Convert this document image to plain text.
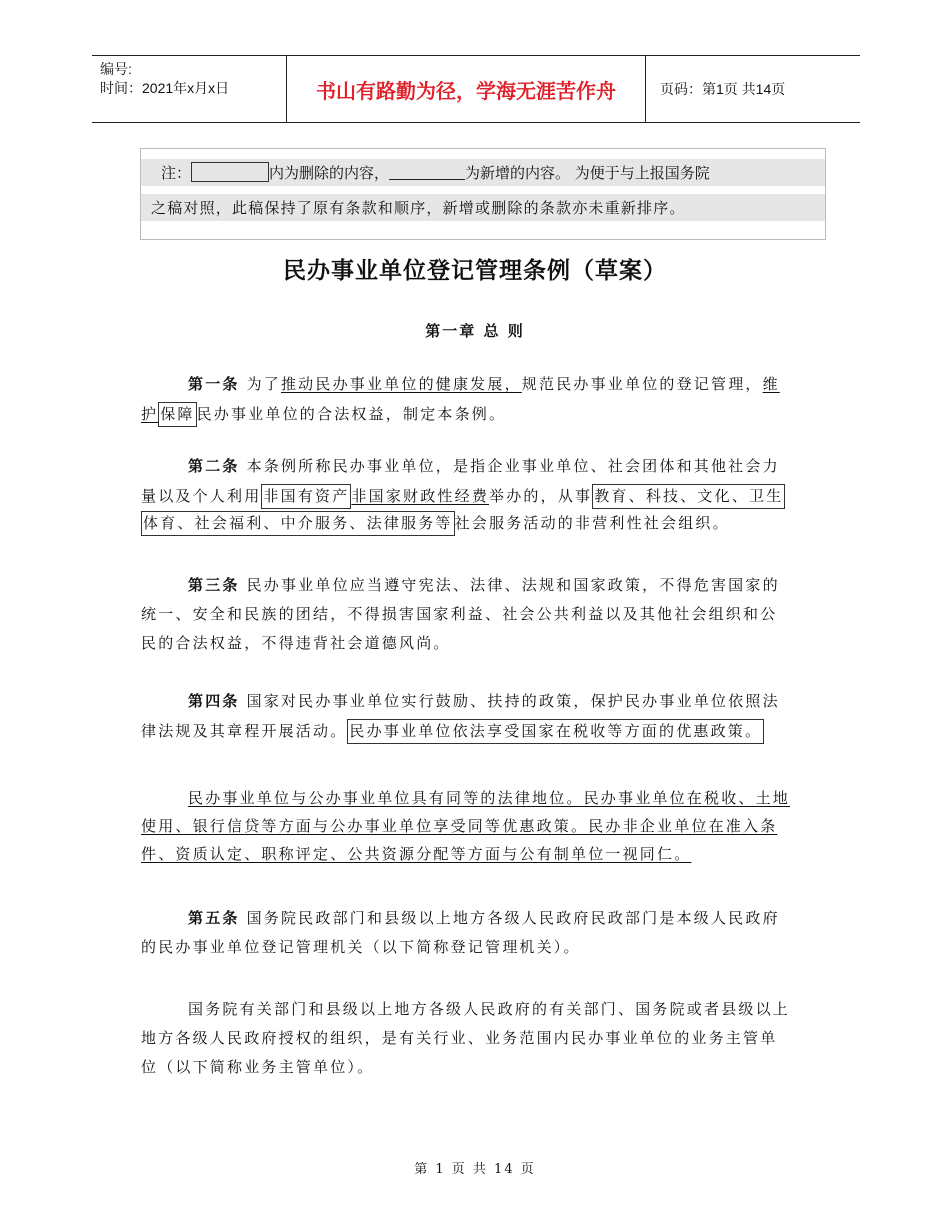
编号:
时间：2021年x月x日	书山有路勤为径，学海无涯苦作舟	页码：第1页 共14页
注：	内为删除的内容，	为新增的内容。 为便于与上报国务院
之稿对照，此稿保持了原有条款和顺序，新增或删除的条款亦未重新排序。
民办事业单位登记管理条例（草案）
第一章 总 则
第一条 为了推动民办事业单位的健康发展，规范民办事业单位的登记管理，维
护 保障 民办事业单位的合法权益，制定本条例。
第二条 本条例所称民办事业单位，是指企业事业单位、社会团体和其他社会力
量以及个人利用 非国有资产 非国家财政性经费举办的，从事 教育、科技、文化、卫生
体育、社会福利、中介服务、法律服务等 社会服务活动的非营利性社会组织。
第三条 民办事业单位应当遵守宪法、法律、法规和国家政策，不得危害国家的
统一、安全和民族的团结，不得损害国家利益、社会公共利益以及其他社会组织和公
民的合法权益，不得违背社会道德风尚。
第四条 国家对民办事业单位实行鼓励、扶持的政策，保护民办事业单位依照法
律法规及其章程开展活动。 民办事业单位依法享受国家在税收等方面的优惠政策。
民办事业单位与公办事业单位具有同等的法律地位。民办事业单位在税收、土地
使用、银行信贷等方面与公办事业单位享受同等优惠政策。民办非企业单位在准入条
件、资质认定、职称评定、公共资源分配等方面与公有制单位一视同仁。
第五条 国务院民政部门和县级以上地方各级人民政府民政部门是本级人民政府
的民办事业单位登记管理机关（以下简称登记管理机关）。
国务院有关部门和县级以上地方各级人民政府的有关部门、国务院或者县级以上
地方各级人民政府授权的组织，是有关行业、业务范围内民办事业单位的业务主管单
位（以下简称业务主管单位）。
第 1 页 共 14 页
